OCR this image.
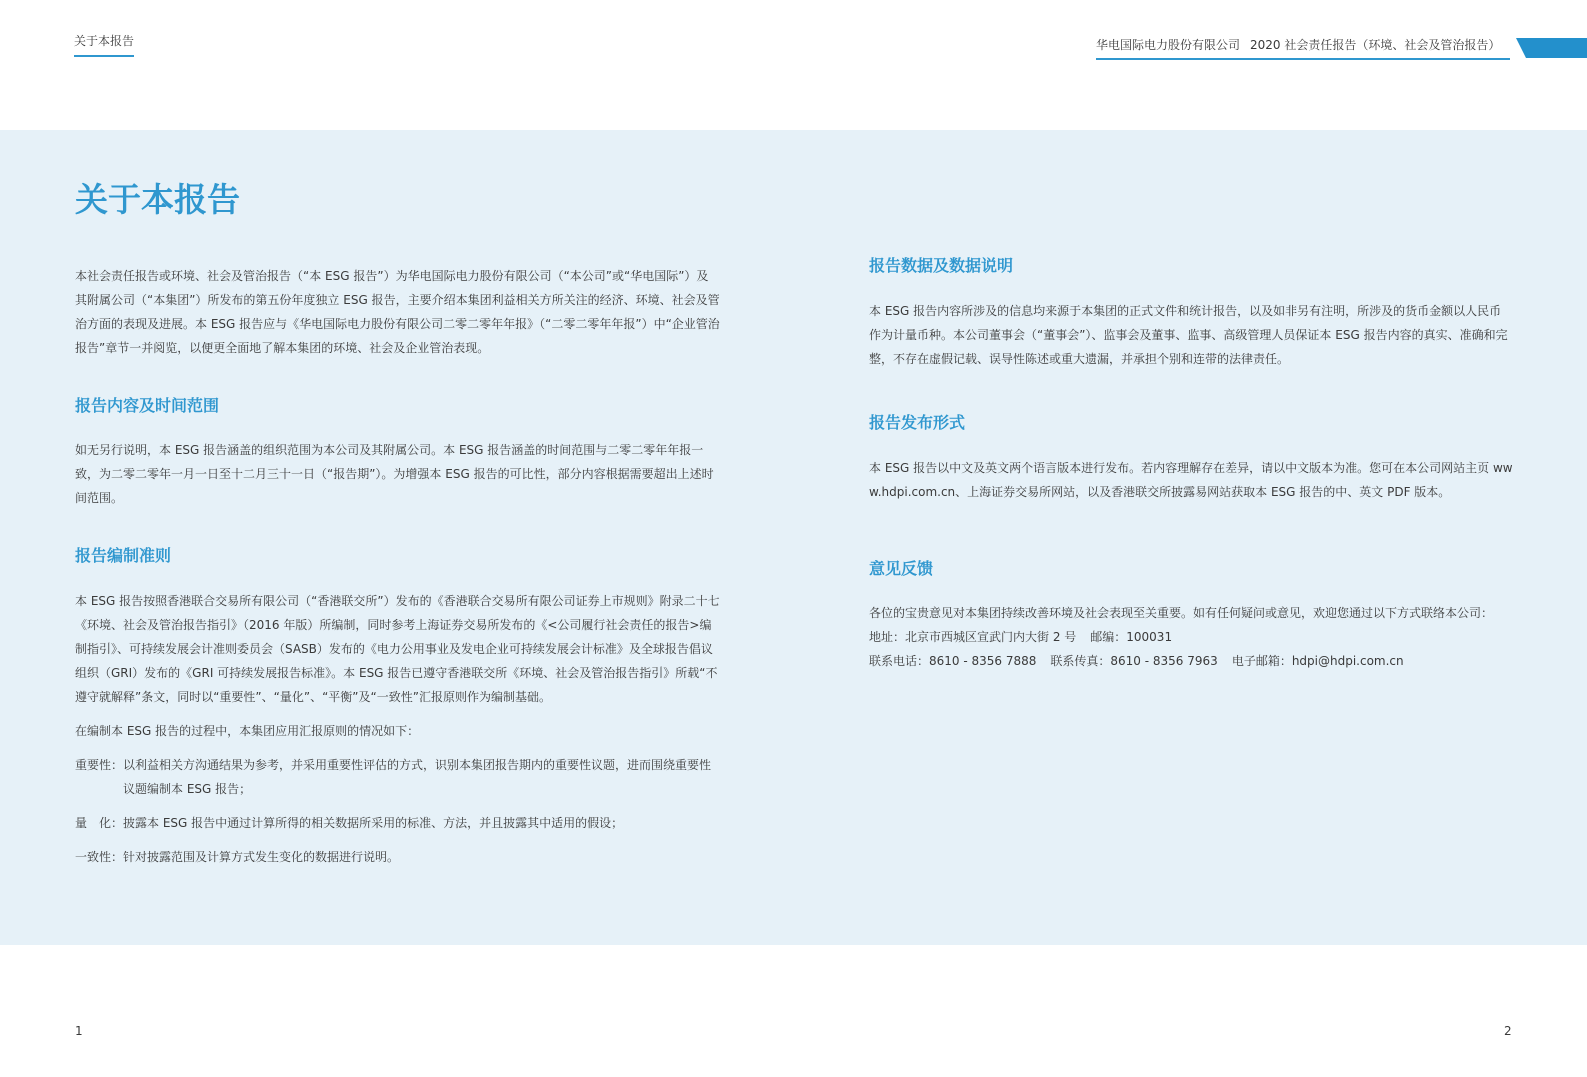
关于本报告	华电国际电力股份有限公司 2020 社会责任报告（环境、社会及管治报告）
关于本报告

本社会责任报告或环境、社会及管治报告（“本 ESG 报告”）为华电国际电力股份有限公司（“本公司”或“华电国际”）及其附属公司（“本集团”）所发布的第五份年度独立 ESG 报告，主要介绍本集团利益相关方所关注的经济、环境、社会及管治方面的表现及进展。本 ESG 报告应与《华电国际电力股份有限公司二零二零年年报》（“二零二零年年报”）中“企业管治报告”章节一并阅览，以便更全面地了解本集团的环境、社会及企业管治表现。

报告内容及时间范围

如无另行说明，本 ESG 报告涵盖的组织范围为本公司及其附属公司。本 ESG 报告涵盖的时间范围与二零二零年年报一致，为二零二零年一月一日至十二月三十一日（“报告期”）。为增强本 ESG 报告的可比性，部分内容根据需要超出上述时间范围。

报告编制准则

本 ESG 报告按照香港联合交易所有限公司（“香港联交所”）发布的《香港联合交易所有限公司证券上市规则》附录二十七《环境、社会及管治报告指引》（2016 年版）所编制，同时参考上海证券交易所发布的《<公司履行社会责任的报告>编制指引》、可持续发展会计准则委员会（SASB）发布的《电力公用事业及发电企业可持续发展会计标准》及全球报告倡议组织（GRI）发布的《GRI 可持续发展报告标准》。本 ESG 报告已遵守香港联交所《环境、社会及管治报告指引》所载“不遵守就解释”条文，同时以“重要性”、“量化”、“平衡”及“一致性”汇报原则作为编制基础。

在编制本 ESG 报告的过程中，本集团应用汇报原则的情况如下：

重要性： 以利益相关方沟通结果为参考，并采用重要性评估的方式，识别本集团报告期内的重要性议题，进而围绕重要性议题编制本 ESG 报告；
量　化： 披露本 ESG 报告中通过计算所得的相关数据所采用的标准、方法，并且披露其中适用的假设；
一致性： 针对披露范围及计算方式发生变化的数据进行说明。
报告数据及数据说明

本 ESG 报告内容所涉及的信息均来源于本集团的正式文件和统计报告，以及如非另有注明，所涉及的货币金额以人民币作为计量币种。本公司董事会（“董事会”）、监事会及董事、监事、高级管理人员保证本 ESG 报告内容的真实、准确和完整，不存在虚假记载、误导性陈述或重大遗漏，并承担个别和连带的法律责任。

报告发布形式

本 ESG 报告以中文及英文两个语言版本进行发布。若内容理解存在差异，请以中文版本为准。您可在本公司网站主页 www.hdpi.com.cn、上海证券交易所网站，以及香港联交所披露易网站获取本 ESG 报告的中、英文 PDF 版本。

意见反馈

各位的宝贵意见对本集团持续改善环境及社会表现至关重要。如有任何疑问或意见，欢迎您通过以下方式联络本公司：

地址：北京市西城区宣武门内大街 2 号 邮编：100031
联系电话：8610 - 8356 7888 联系传真：8610 - 8356 7963 电子邮箱：hdpi@hdpi.com.cn
1	2
